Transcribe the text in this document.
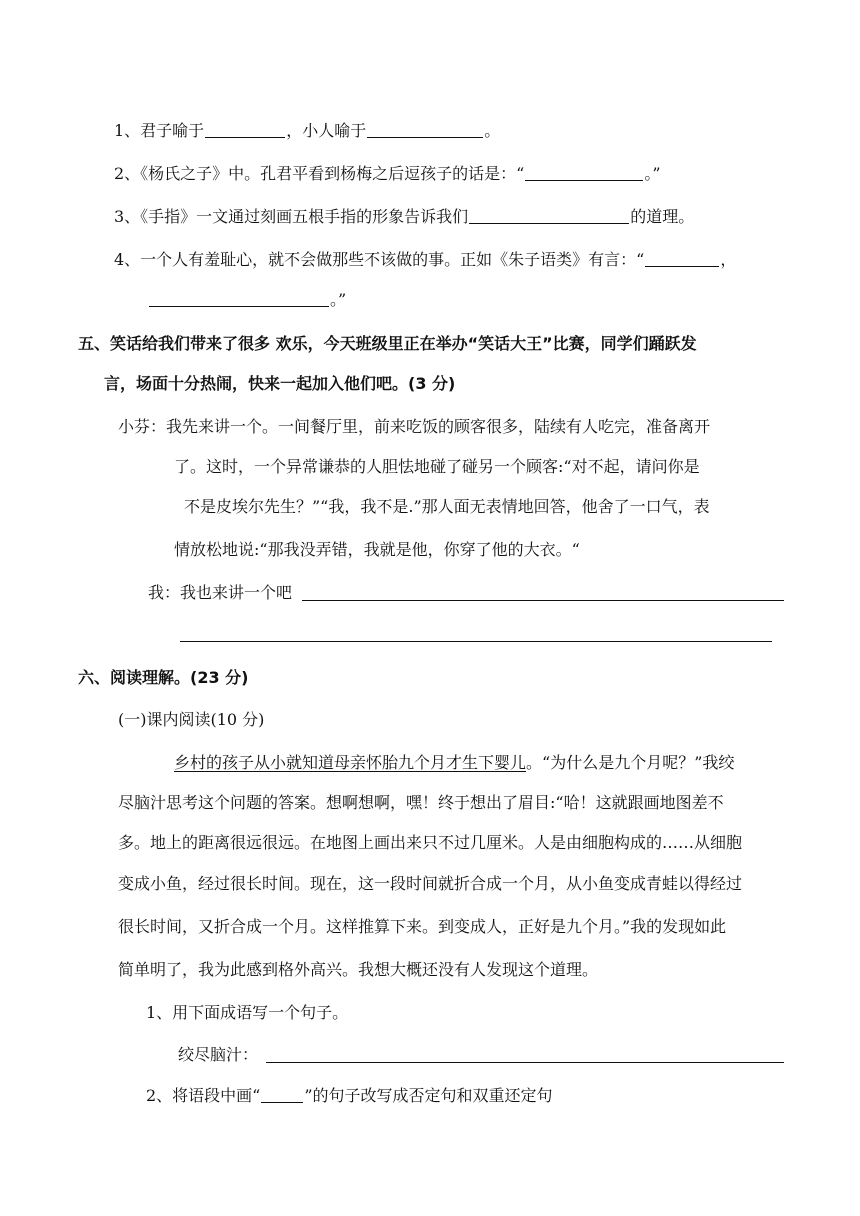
1、君子喻于	，小人喻于	。
2、《杨氏之子》中。孔君平看到杨梅之后逗孩子的话是：“	。”
3、《手指》一文通过刻画五根手指的形象告诉我们	的道理。
4、一个人有羞耻心，就不会做那些不该做的事。正如《朱子语类》有言：“	，
。”
五、笑话给我们带来了很多 欢乐，今天班级里正在举办“笑话大王”比赛，同学们踊跃发
言，场面十分热闹，快来一起加入他们吧。(3 分)
小芬：我先来讲一个。一间餐厅里，前来吃饭的顾客很多，陆续有人吃完，准备离开
了。这时，一个异常谦恭的人胆怯地碰了碰另一个顾客:“对不起，请问你是
不是皮埃尔先生？”“我，我不是.”那人面无表情地回答，他舍了一口气，表
情放松地说:“那我没弄错，我就是他，你穿了他的大衣。“
我：我也来讲一个吧
六、阅读理解。(23 分)
(一)课内阅读(10 分)
乡村的孩子从小就知道母亲怀胎九个月才生下婴儿。“为什么是九个月呢？”我绞
尽脑汁思考这个问题的答案。想啊想啊，嘿！终于想出了眉目:“哈！这就跟画地图差不
多。地上的距离很远很远。在地图上画出来只不过几厘米。人是由细胞构成的……从细胞
变成小鱼，经过很长时间。现在，这一段时间就折合成一个月，从小鱼变成青蛙以得经过
很长时间，又折合成一个月。这样推算下来。到变成人，正好是九个月。”我的发现如此
简单明了，我为此感到格外高兴。我想大概还没有人发现这个道理。
1、用下面成语写一个句子。
绞尽脑汁：
2、将语段中画“	”的句子改写成否定句和双重还定句
